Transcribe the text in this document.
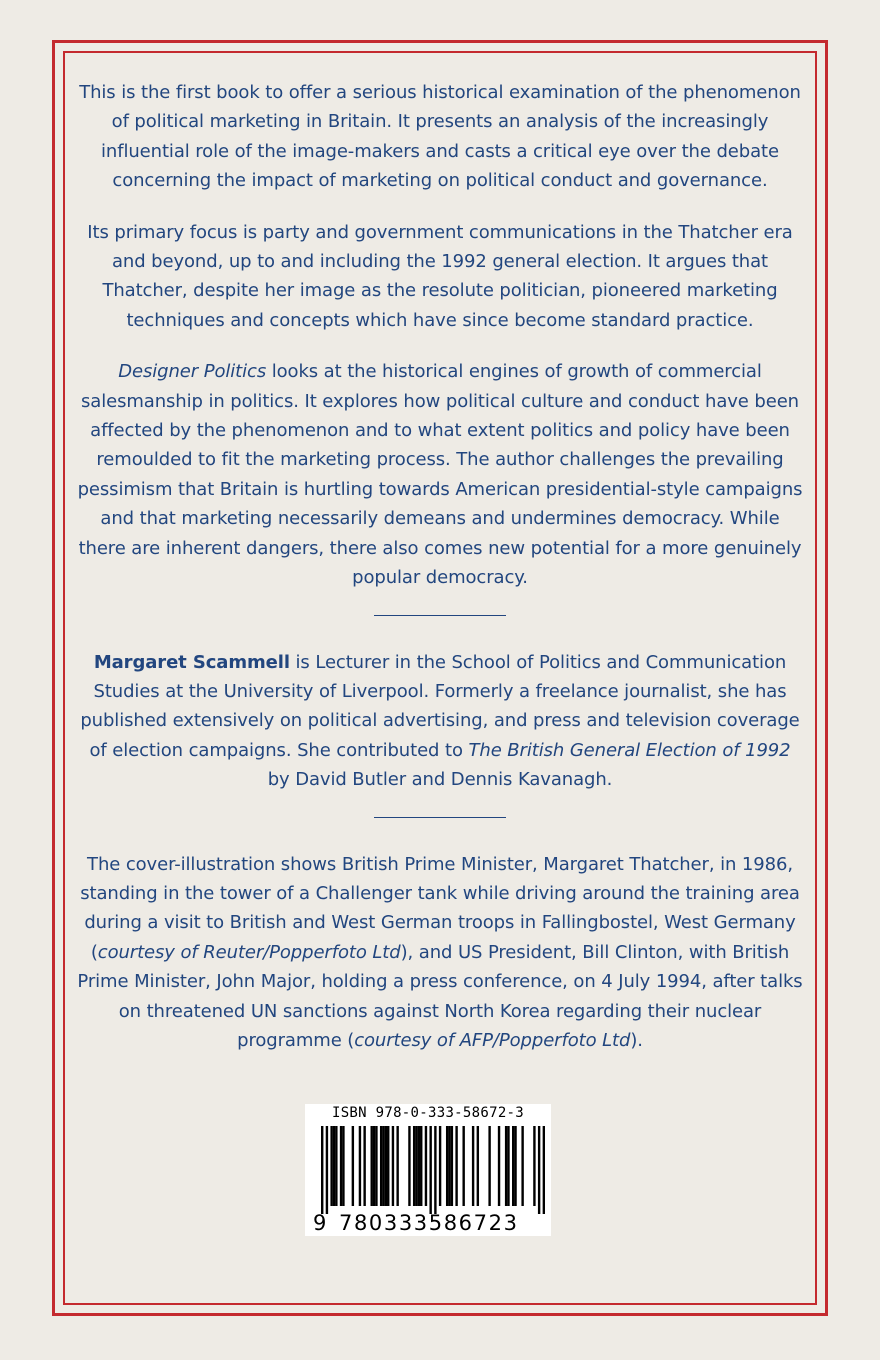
This is the first book to offer a serious historical examination of the phenomenon of political marketing in Britain. It presents an analysis of the increasingly influential role of the image-makers and casts a critical eye over the debate concerning the impact of marketing on political conduct and governance.

Its primary focus is party and government communications in the Thatcher era and beyond, up to and including the 1992 general election. It argues that Thatcher, despite her image as the resolute politician, pioneered marketing techniques and concepts which have since become standard practice.

Designer Politics looks at the historical engines of growth of commercial salesmanship in politics. It explores how political culture and conduct have been affected by the phenomenon and to what extent politics and policy have been remoulded to fit the marketing process. The author challenges the prevailing pessimism that Britain is hurtling towards American presidential-style campaigns and that marketing necessarily demeans and undermines democracy. While there are inherent dangers, there also comes new potential for a more genuinely popular democracy.

Margaret Scammell is Lecturer in the School of Politics and Communication Studies at the University of Liverpool. Formerly a freelance journalist, she has published extensively on political advertising, and press and television coverage of election campaigns. She contributed to The British General Election of 1992 by David Butler and Dennis Kavanagh.

The cover-illustration shows British Prime Minister, Margaret Thatcher, in 1986, standing in the tower of a Challenger tank while driving around the training area during a visit to British and West German troops in Fallingbostel, West Germany (courtesy of Reuter/Popperfoto Ltd), and US President, Bill Clinton, with British Prime Minister, John Major, holding a press conference, on 4 July 1994, after talks on threatened UN sanctions against North Korea regarding their nuclear programme (courtesy of AFP/Popperfoto Ltd).

ISBN 978-0-333-58672-3
9 780333586723
